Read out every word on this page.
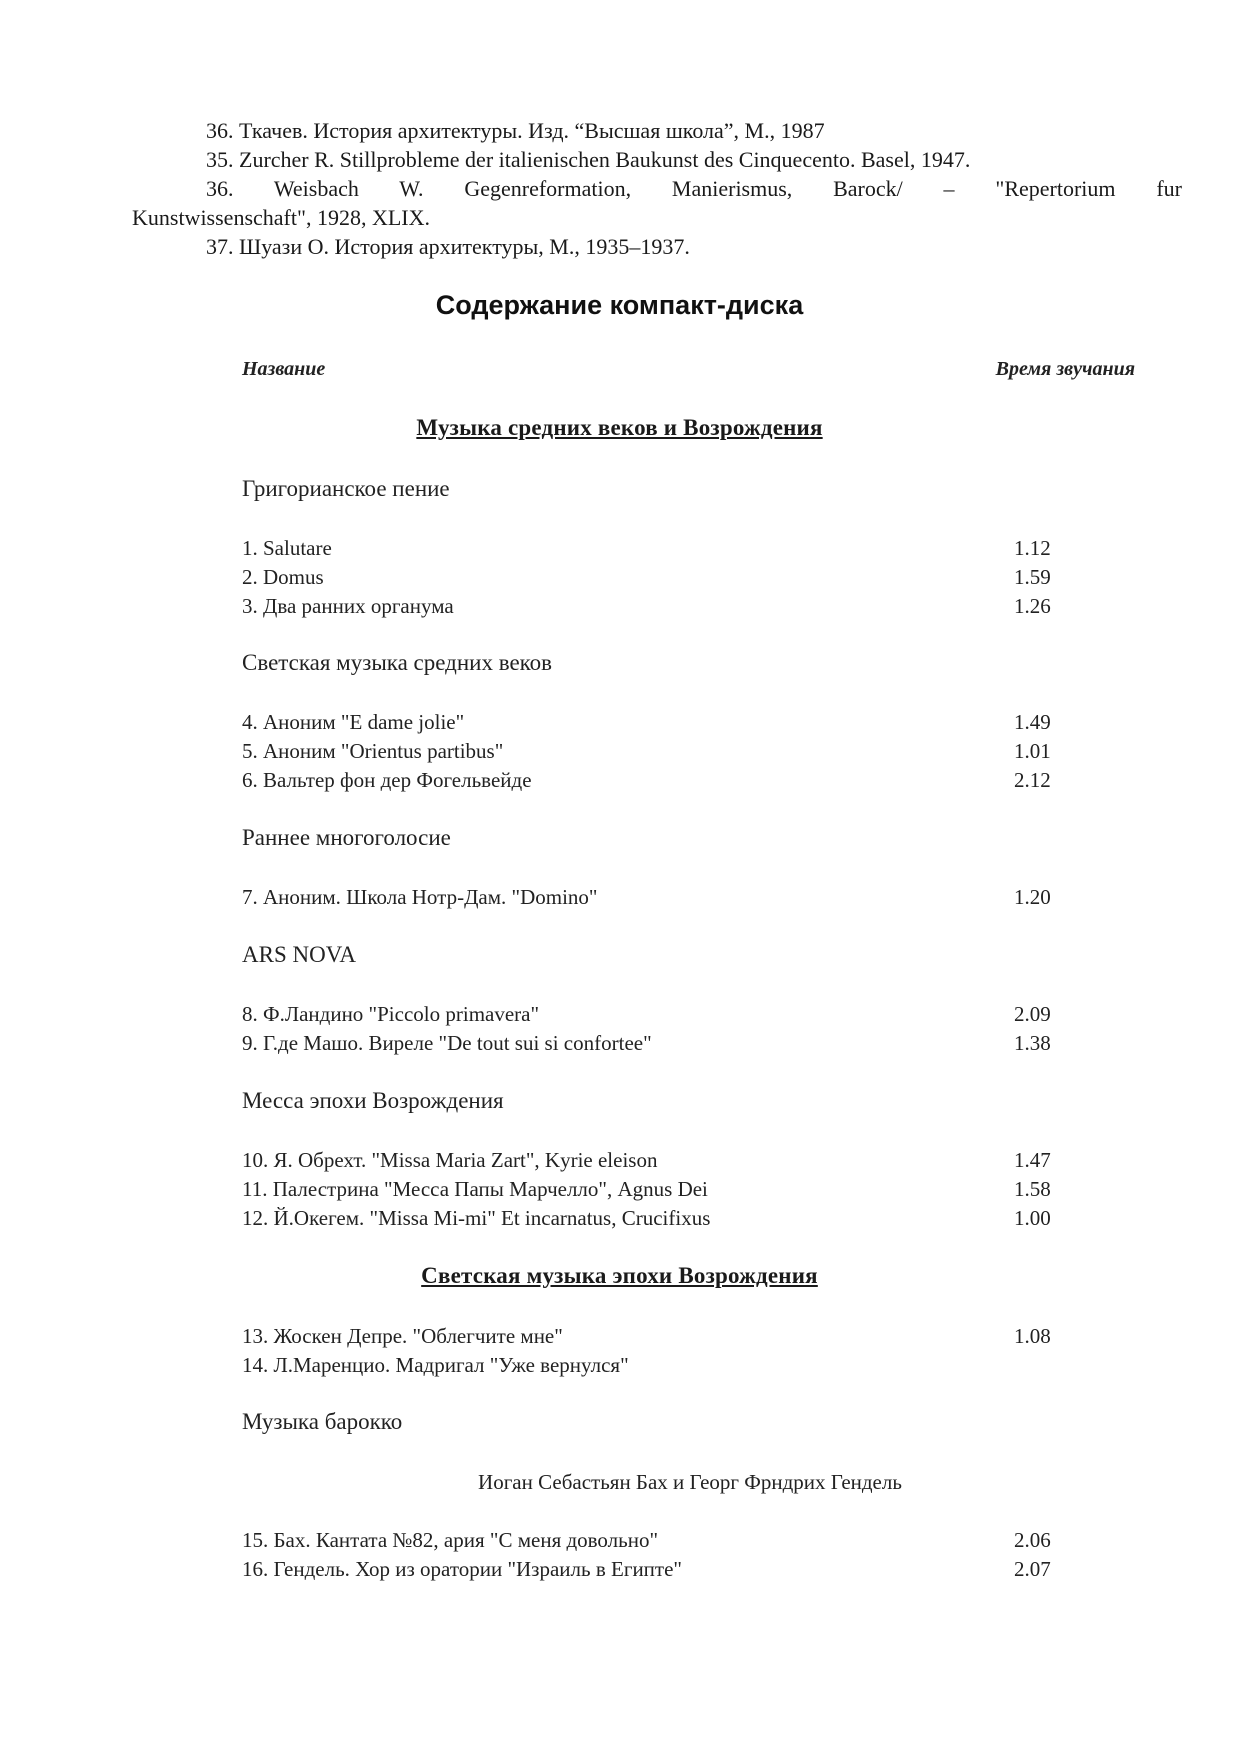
36. Ткачев. История архитектуры. Изд. “Высшая школа”, М., 1987
35. Zurcher R. Stillprobleme der italienischen Baukunst des Cinquecento. Basel, 1947.
36. Weisbach W. Gegenreformation, Manierismus, Barock/ – "Repertorium fur
Kunstwissenschaft", 1928, XLIX.
37. Шуази О. История архитектуры, М., 1935–1937.
Содержание компакт-диска
Название	Время звучания
Музыка средних веков и Возрождения
Григорианское пение
1. Salutare	1.12
2. Domus	1.59
3. Два ранних органума	1.26
Светская музыка средних веков
4. Аноним "E dame jolie"	1.49
5. Аноним "Orientus partibus"	1.01
6. Вальтер фон дер Фогельвейде	2.12
Раннее многоголосие
7. Аноним. Школа Нотр-Дам. "Domino"	1.20
ARS NOVA
8. Ф.Ландино "Piccolo primavera"	2.09
9. Г.де Машо. Виреле "De tout sui si confortee"	1.38
Месса эпохи Возрождения
10. Я. Обрехт. "Missa Maria Zart", Kyrie eleison	1.47
11. Палестрина "Месса Папы Марчелло", Agnus Dei	1.58
12. Й.Окегем. "Missa Mi-mi" Et incarnatus, Crucifixus	1.00
Светская музыка эпохи Возрождения
13. Жоскен Депре. "Облегчите мне"	1.08
14. Л.Маренцио. Мадригал "Уже вернулся"
Музыка барокко
Иоган Себастьян Бах и Георг Фрндрих Гендель
15. Бах. Кантата №82, ария "С меня довольно"	2.06
16. Гендель. Хор из оратории "Израиль в Египте"	2.07
